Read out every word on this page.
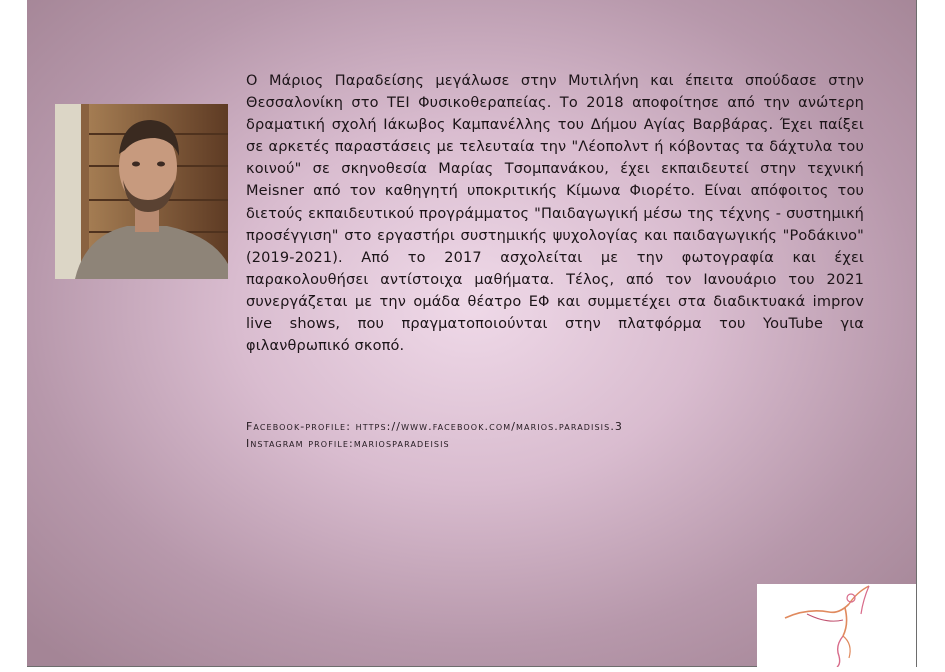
Ο Μάριος Παραδείσης μεγάλωσε στην Μυτιλήνη και έπειτα σπούδασε στην Θεσσαλονίκη στο ΤΕΙ Φυσικοθεραπείας. Το 2018 αποφοίτησε από την ανώτερη δραματική σχολή Ιάκωβος Καμπανέλλης του Δήμου Αγίας Βαρβάρας. Έχει παίξει σε αρκετές παραστάσεις με τελευταία την "Λέοπολντ ή κόβοντας τα δάχτυλα του κοινού" σε σκηνοθεσία Μαρίας Τσομπανάκου, έχει εκπαιδευτεί στην τεχνική Meisner από τον καθηγητή υποκριτικής Κίμωνα Φιορέτο. Είναι απόφοιτος του διετούς εκπαιδευτικού προγράμματος "Παιδαγωγική μέσω της τέχνης - συστημική προσέγγιση" στο εργαστήρι συστημικής ψυχολογίας και παιδαγωγικής "Ροδάκινο" (2019-2021). Από το 2017 ασχολείται με την φωτογραφία και έχει παρακολουθήσει αντίστοιχα μαθήματα. Τέλος, από τον Ιανουάριο του 2021 συνεργάζεται με την ομάδα θέατρο ΕΦ και συμμετέχει στα διαδικτυακά improv live shows, που πραγματοποιούνται στην πλατφόρμα του YouTube για φιλανθρωπικό σκοπό.

Facebook-profile: https://www.facebook.com/marios.paradisis.3
Instagram profile:mariosparadeisis
